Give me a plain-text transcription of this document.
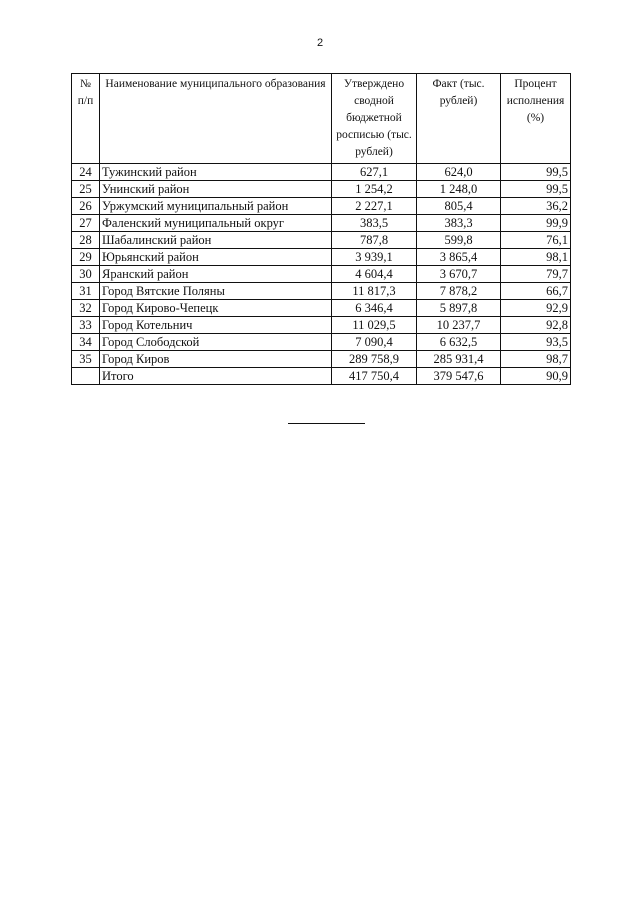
2
№ п/п	Наименование муниципального образования	Утверждено сводной бюджетной росписью (тыс. рублей)	Факт (тыс. рублей)	Процент исполнения (%)
24	Тужинский район	627,1	624,0	99,5
25	Унинский район	1 254,2	1 248,0	99,5
26	Уржумский муниципальный район	2 227,1	805,4	36,2
27	Фаленский муниципальный округ	383,5	383,3	99,9
28	Шабалинский район	787,8	599,8	76,1
29	Юрьянский район	3 939,1	3 865,4	98,1
30	Яранский район	4 604,4	3 670,7	79,7
31	Город Вятские Поляны	11 817,3	7 878,2	66,7
32	Город Кирово-Чепецк	6 346,4	5 897,8	92,9
33	Город Котельнич	11 029,5	10 237,7	92,8
34	Город Слободской	7 090,4	6 632,5	93,5
35	Город Киров	289 758,9	285 931,4	98,7
	Итого	417 750,4	379 547,6	90,9
